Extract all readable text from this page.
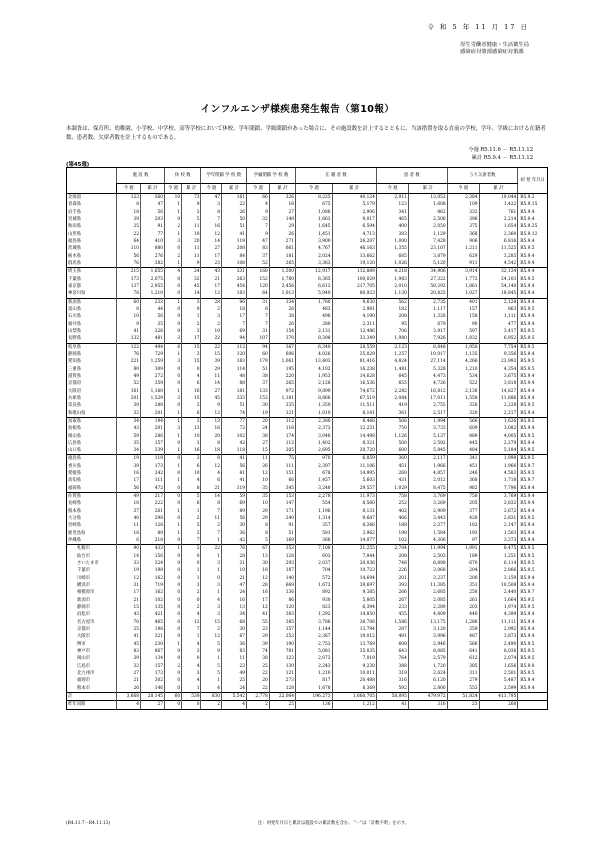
令 和 5 年 11 月 17 日
厚生労働省健康・生活衛生局
感染症対策部感染症対策課
インフルエンザ様疾患発生報告（第10報）
本調査は、保育所、幼稚園、小学校、中学校、高等学校において休校、学年閉鎖、学級閉鎖があった場合に、その施設数を計上するとともに、当該措置を取る直前の学校、学年、学級における在籍者数、患者数、欠席者数を計上するものである。
今週 R5.11.6 － R5.11.12
累計 R5.9.4 － R5.11.12
(第45週)
	施 設 数		休 校 数		学年閉鎖 学 校 数		学級閉鎖 学 校 数		在 籍 者 数		患 者 数		うち欠席者数		初 発 年月日
	今 週	累 計	今 週	累 計	今 週	累 計	今 週	累 計	今 週	累 計	今 週	累 計	今 週	累 計	
北海道	123	560	10	73	47	161	66	326	8,225	40,124	2,911	13,052	2,384	10,044	R5.9.2
青森県	8	47	1	9	3	22	4	16	675	5,179	123	1,608	109	1,422	R5.9.15
岩手県	18	56	1	3	8	26	9	27	1,086	2,906	341	862	332	761	R5.9.4
宮城県	39	203	0	5	7	50	32	148	1,663	9,017	465	2,506	396	2,214	R5.9.4
秋田県	25	91	2	11	16	51	7	29	1,645	6,594	400	2,050	375	1,654	R5.9.25
山形県	22	77	1	10	12	41	9	26	1,451	4,713	383	1,129	368	2,360	R5.9.12
福島県	64	410	3	20	14	119	47	271	3,900	26,207	1,000	7,428	906	6,816	R5.9.4
茨城県	110	880	0	11	27	208	83	661	4,767	46,163	1,355	23,107	1,211	11,525	R5.9.5
栃木県	56	276	2	11	17	84	37	181	2,024	13,662	685	3,879	629	3,285	R5.9.4
群馬県	76	382	1	9	23	108	52	265	3,363	19,120	1,026	5,120	911	4,542	R5.9.4
埼玉県	215	1,655	4	24	43	331	168	1,300	12,917	112,889	4,218	34,906	3,914	32,134	R5.9.4
千葉県	173	2,075	0	32	21	263	152	1,780	6,365	100,029	1,983	27,322	1,772	24,103	R5.9.5
東京都	137	2,955	0	45	17	454	120	2,456	6,613	217,705	2,010	58,292	1,861	54,140	R5.9.4
神奈川県	76	1,210	0	14	12	183	64	1,013	5,949	80,923	1,130	20,825	1,027	18,845	R5.9.4
新潟県	60	233	1	3	28	96	31	134	1,780	9,630	562	2,735	401	2,128	R5.9.4
富山県	8	44	0	0	2	18	6	26	483	2,981	182	1,117	157	863	R5.9.5
石川県	10	56	0	1	3	17	7	38	496	4,190	208	1,328	158	1,111	R5.9.4
福井県	9	35	0	2	2	7	7	26	280	2,311	95	679	90	477	R5.9.4
山梨県	41	226	0	3	10	69	31	154	2,131	12,486	706	3,917	597	3,417	R5.9.5
長野県	132	481	3	17	22	94	107	370	8,398	33,349	1,980	7,926	1,832	6,952	R5.9.5
岐阜県	122	494	6	15	22	112	94	367	6,340	28,559	2,123	8,848	1,950	7,754	R5.9.5
静岡県	76	729	1	3	15	120	60	606	4,026	35,029	1,257	10,017	1,135	9,356	R5.9.4
愛知県	221	1,259	3	15	39	183	179	1,061	13,403	81,416	4,824	27,114	4,266	23,993	R5.9.5
三重県	80	309	0	0	29	114	51	195	4,102	16,238	1,481	5,328	1,210	4,354	R5.9.5
滋賀県	49	272	0	4	11	48	38	220	1,953	14,628	645	4,473	534	3,675	R5.9.4
京都府	52	359	0	6	14	88	37	265	2,128	16,536	655	4,726	522	3,818	R5.9.4
大阪府	161	1,160	1	16	27	181	133	972	9,899	74,672	2,282	16,812	2,136	14,827	R5.9.4
兵庫県	201	1,529	3	15	45	333	153	1,181	8,866	67,519	2,084	17,011	1,558	11,886	R5.9.4
奈良県	39	288	0	2	9	51	30	235	1,359	11,511	419	2,755	326	2,228	R5.9.5
和歌山県	32	201	1	6	12	74	19	121	1,019	8,141	361	2,517	320	2,217	R5.9.4
鳥取県	34	194	1	3	13	77	20	112	2,380	8,466	566	1,994	566	1,626	R5.9.5
島根県	43	201	3	13	16	72	24	116	2,373	12,231	750	3,733	609	3,082	R5.9.4
岡山県	59	286	1	10	20	102	38	174	3,046	14,498	1,126	5,137	889	4,005	R5.9.5
広島県	35	157	0	3	8	42	27	112	1,402	8,321	500	2,592	445	2,279	R5.9.4
山口県	34	339	1	16	18	118	15	205	2,695	20,720	600	5,845	484	5,184	R5.9.5
徳島県	19	119	0	3	8	41	11	75	970	6,859	360	2,117	341	1,998	R5.9.5
香川県	39	173	1	6	12	56	26	111	2,397	11,106	451	1,966	451	1,966	R5.9.7
愛媛県	16	242	0	10	4	81	12	151	678	14,995	260	4,857	246	4,583	R5.9.5
高知県	17	111	1	4	6	41	10	66	1,457	5,603	431	2,012	368	1,718	R5.9.7
福岡県	56	472	0	8	21	119	35	345	3,248	29,557	1,029	8,475	982	7,796	R5.9.4
佐賀県	49	217	0	5	14	59	35	153	2,278	11,973	758	3,769	758	3,769	R5.9.4
長崎県	18	222	0	6	8	69	10	147	554	8,560	252	3,269	205	2,832	R5.9.4
熊本県	37	261	1	1	7	89	29	171	1,196	8,131	402	2,909	377	2,672	R5.9.4
大分県	40	298	0	2	11	56	29	240	1,314	9,687	466	3,443	428	2,831	R5.9.5
宮崎県	11	126	1	5	2	30	8	91	357	8,266	188	2,377	182	2,147	R5.9.4
鹿児島県	16	89	1	2	7	36	8	51	581	3,962	198	1,584	193	1,503	R5.9.4
沖縄県	6	218	0	7	1	42	5	169	366	14,077	102	4,306	97	3,373	R5.9.4
札幌市	90	433	1	2	22	76	67	353	7,108	31,255	2,704	11,994	1,991	8,475	R5.9.5
仙台市	14	156	0	0	1	28	13	128	603	7,844	208	2,503	189	1,251	R5.9.5
さいたま市	33	324	0	0	3	31	30	293	2,037	20,036	746	6,898	670	6,114	R5.9.5
千葉市	19	198	0	1	1	10	18	187	704	10,723	226	3,068	204	2,866	R5.9.5
川崎市	12	162	0	1	0	21	12	140	572	14,694	201	3,237	200	3,159	R5.9.4
横浜市	31	719	0	3	3	47	28	669	1,672	39,697	393	11,385	351	10,508	R5.9.4
相模原市	17	162	0	2	1	24	16	136	892	9,385	266	2,685	258	2,440	R5.9.7
新潟市	21	102	0	0	4	16	17	86	930	5,805	267	2,085	261	1,664	R5.9.5
静岡市	15	135	0	2	3	13	12	120	823	6,394	233	2,289	203	1,974	R5.9.5
浜松市	43	421	0	4	3	34	41	383	1,292	14,850	455	4,809	440	4,399	R5.9.4
名古屋市	70	465	0	12	15	68	55	385	3,786	38,706	1,586	13,175	1,286	11,111	R5.9.4
京都市	25	196	0	7	2	30	23	157	1,144	13,794	287	3,120	259	2,992	R5.9.4
大阪市	41	321	0	1	12	67	29	253	2,367	19,012	491	3,996	487	3,873	R5.9.4
堺市	45	230	1	4	5	36	39	190	2,753	13,769	608	2,946	566	2,490	R5.9.5
神戸市	83	867	0	3	9	83	74	781	5,081	35,035	643	8,085	641	8,036	R5.9.5
岡山市	39	134	0	0	1	11	38	123	2,073	7,018	764	2,579	612	2,074	R5.9.5
広島市	32	157	2	4	5	23	25	130	2,243	9,230	388	1,720	385	1,656	R5.9.8
北九州市	27	173	0	3	5	49	22	121	1,210	10,011	319	2,624	311	2,501	R5.9.5
福岡市	21	302	0	4	1	25	20	273	817	20,488	316	6,120	279	5,487	R5.9.4
熊本市	26	146	0	1	4	24	22	128	1,678	8,369	592	2,800	553	2,599	R5.9.4
計	3,668	28,145	60	539	830	5,542	2,778	22,064	196,273	1,660,705	58,895	479,972	51,824	411,795	
昨年同期	4	27	0	0	2	4	2	25	136	1,212	41	316	23	268	
(R4.11.7－R4.11.13)	注：初発年月日と累計は施設での累計数を含む。 "－"は「計数不明」を示す。
